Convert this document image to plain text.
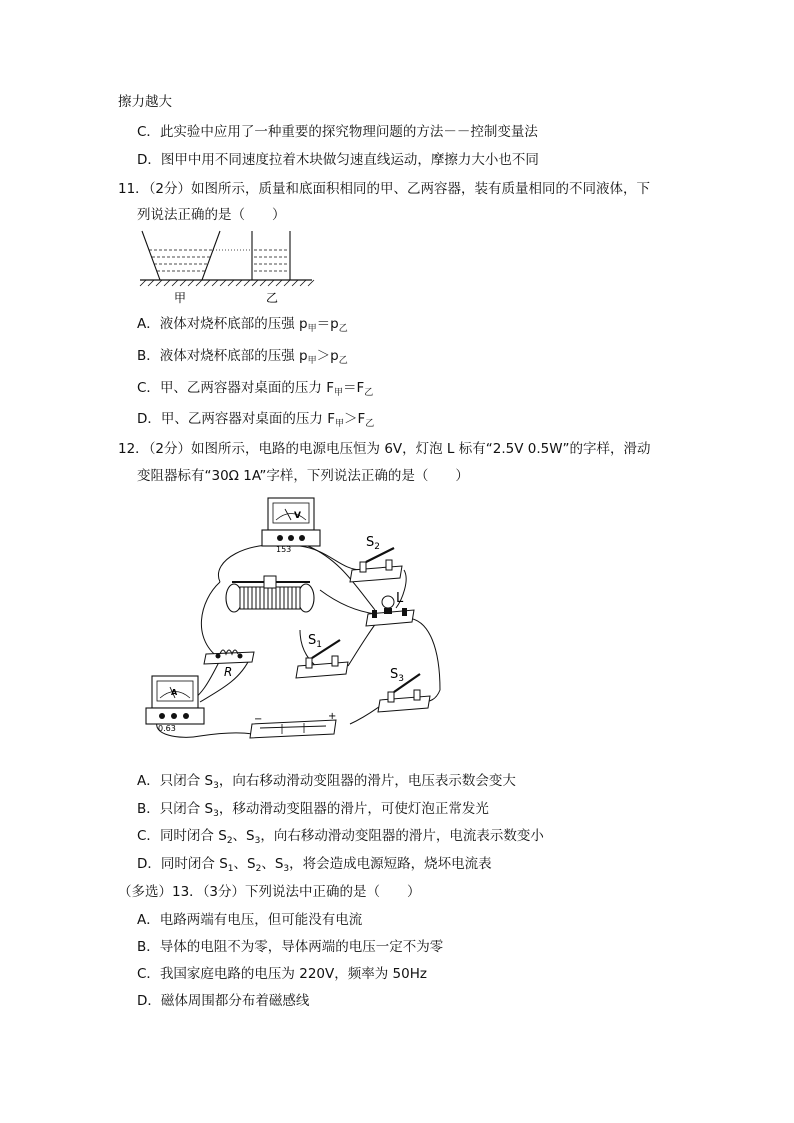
擦力越大
C．此实验中应用了一种重要的探究物理问题的方法－－控制变量法
D．图甲中用不同速度拉着木块做匀速直线运动，摩擦力大小也不同
11．（2分）如图所示，质量和底面积相同的甲、乙两容器，装有质量相同的不同液体，下
列说法正确的是（　　）
甲	乙
A．液体对烧杯底部的压强 $p_甲=p_乙$
B．液体对烧杯底部的压强 $p_甲>p_乙$
C．甲、乙两容器对桌面的压力 $F_甲=F_乙$
D．甲、乙两容器对桌面的压力 $F_甲>F_乙$
12．（2分）如图所示，电路的电源电压恒为 6V，灯泡 L 标有“2.5V 0.5W”的字样，滑动
变阻器标有“30Ω 1A”字样，下列说法正确的是（　　）
V
153	$S_2$
L
R
$S_1$
$S_3$
A
0.63
−	+
A．只闭合 $S_3$，向右移动滑动变阻器的滑片，电压表示数会变大
B．只闭合 $S_3$，移动滑动变阻器的滑片，可使灯泡正常发光
C．同时闭合 $S_2$、$S_3$，向右移动滑动变阻器的滑片，电流表示数变小
D．同时闭合 $S_1$、$S_2$、$S_3$，将会造成电源短路，烧坏电流表
（多选）13．（3分）下列说法中正确的是（　　）
A．电路两端有电压，但可能没有电流
B．导体的电阻不为零，导体两端的电压一定不为零
C．我国家庭电路的电压为 220V，频率为 50Hz
D．磁体周围都分布着磁感线
